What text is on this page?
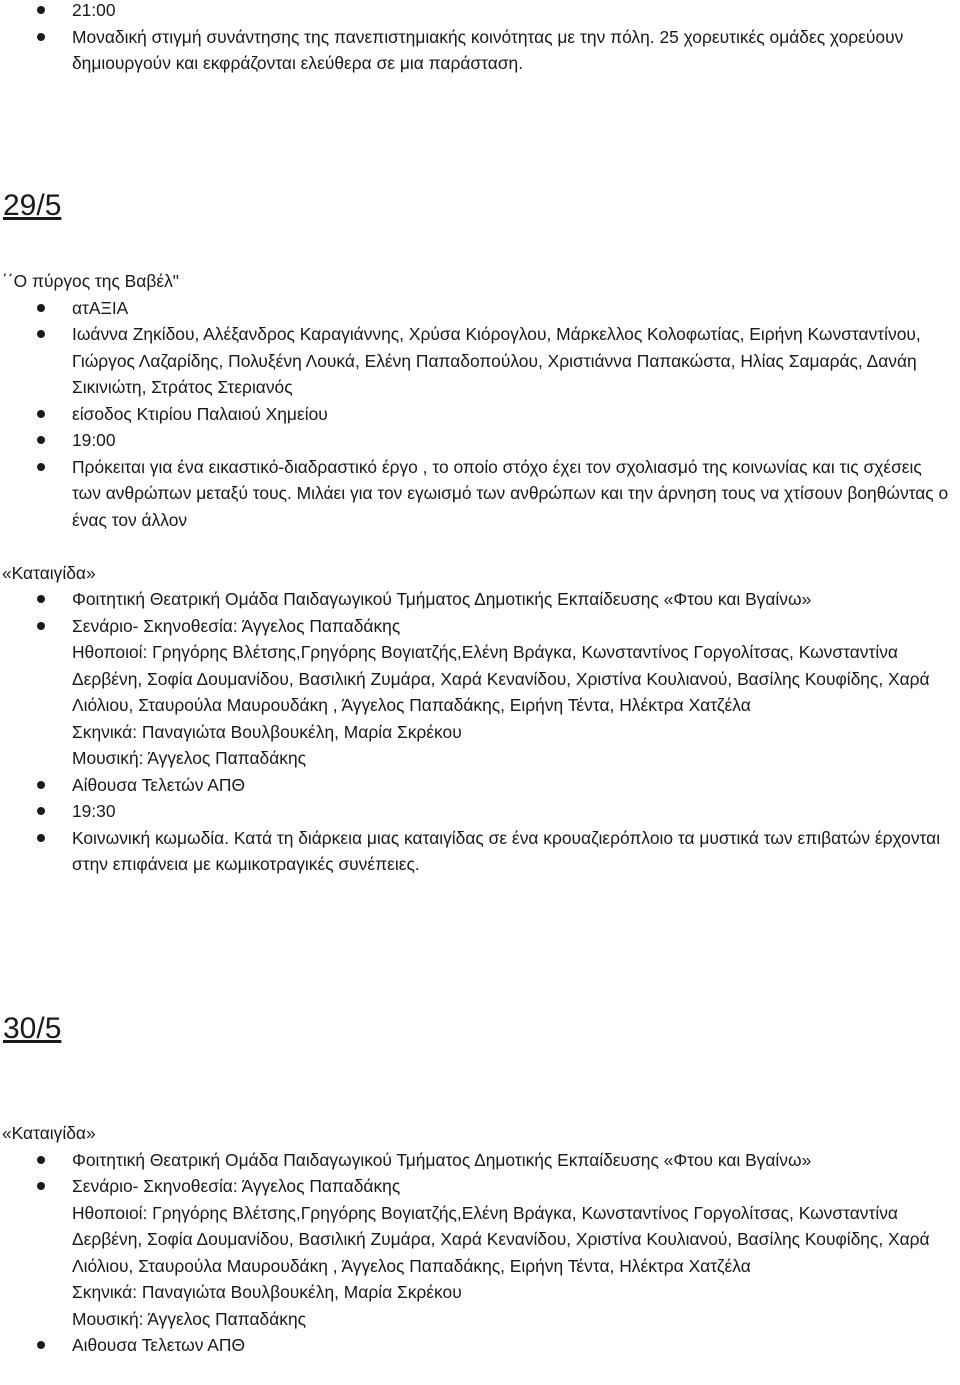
21:00
Μοναδική στιγμή συνάντησης της πανεπιστημιακής κοινότητας με την πόλη. 25 χορευτικές ομάδες χορεύουν δημιουργούν και εκφράζονται ελεύθερα σε μια παράσταση.
29/5
΄΄Ο πύργος της Βαβέλ"
ατΑΞΙΑ
Ιωάννα Ζηκίδου, Αλέξανδρος Καραγιάννης, Χρύσα Κιόρογλου, Μάρκελλος Κολοφωτίας, Ειρήνη Κωνσταντίνου, Γιώργος Λαζαρίδης, Πολυξένη Λουκά, Ελένη Παπαδοπούλου, Χριστιάννα Παπακώστα, Ηλίας Σαμαράς, Δανάη Σικινιώτη, Στράτος Στεριανός
είσοδος Κτιρίου Παλαιού Χημείου
19:00
Πρόκειται για ένα εικαστικό-διαδραστικό έργο , το οποίο στόχο έχει τον σχολιασμό της κοινωνίας και τις σχέσεις των ανθρώπων μεταξύ τους. Μιλάει για τον εγωισμό των ανθρώπων και την άρνηση τους να χτίσουν βοηθώντας ο ένας τον άλλον
«Καταιγίδα»
Φοιτητική Θεατρική Ομάδα Παιδαγωγικού Τμήματος Δημοτικής Εκπαίδευσης «Φτου και Βγαίνω»
Σενάριο- Σκηνοθεσία: Άγγελος Παπαδάκης
Ηθοποιοί: Γρηγόρης Βλέτσης,Γρηγόρης Βογιατζής,Ελένη Βράγκα, Κωνσταντίνος Γοργολίτσας, Κωνσταντίνα Δερβένη, Σοφία Δουμανίδου, Βασιλική Ζυμάρα, Χαρά Κενανίδου, Χριστίνα Κουλιανού, Βασίλης Κουφίδης, Χαρά Λιόλιου, Σταυρούλα Μαυρουδάκη , Άγγελος Παπαδάκης, Ειρήνη Τέντα, Ηλέκτρα Χατζέλα
Σκηνικά: Παναγιώτα Βουλβουκέλη, Μαρία Σκρέκου
Μουσική: Άγγελος Παπαδάκης
Αίθουσα Τελετών ΑΠΘ
19:30
Κοινωνική κωμωδία. Κατά τη διάρκεια μιας καταιγίδας σε ένα κρουαζιερόπλοιο τα μυστικά των επιβατών έρχονται στην επιφάνεια με κωμικοτραγικές συνέπειες.
30/5
«Καταιγίδα»
Φοιτητική Θεατρική Ομάδα Παιδαγωγικού Τμήματος Δημοτικής Εκπαίδευσης «Φτου και Βγαίνω»
Σενάριο- Σκηνοθεσία: Άγγελος Παπαδάκης
Ηθοποιοί: Γρηγόρης Βλέτσης,Γρηγόρης Βογιατζής,Ελένη Βράγκα, Κωνσταντίνος Γοργολίτσας, Κωνσταντίνα Δερβένη, Σοφία Δουμανίδου, Βασιλική Ζυμάρα, Χαρά Κενανίδου, Χριστίνα Κουλιανού, Βασίλης Κουφίδης, Χαρά Λιόλιου, Σταυρούλα Μαυρουδάκη , Άγγελος Παπαδάκης, Ειρήνη Τέντα, Ηλέκτρα Χατζέλα
Σκηνικά: Παναγιώτα Βουλβουκέλη, Μαρία Σκρέκου
Μουσική: Άγγελος Παπαδάκης
Αιθουσα Τελετων ΑΠΘ
